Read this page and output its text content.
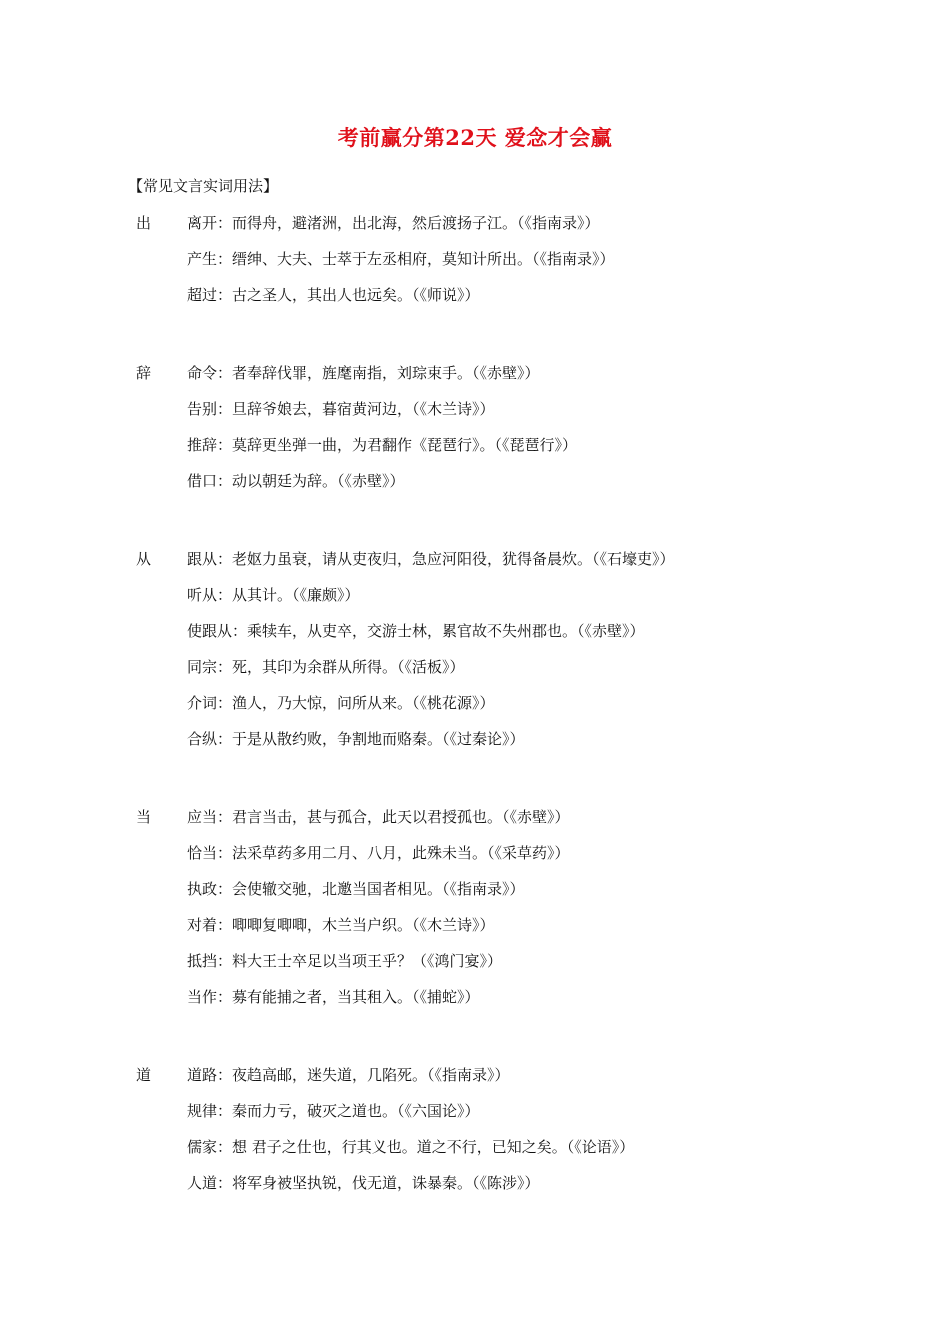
考前赢分第22天 爱念才会赢
【常见文言实词用法】
出	离开：而得舟，避渚洲，出北海，然后渡扬子江。（《指南录》）
产生：缙绅、大夫、士萃于左丞相府，莫知计所出。（《指南录》）
超过：古之圣人，其出人也远矣。（《师说》）
辞	命令：者奉辞伐罪，旌麾南指，刘琮束手。（《赤壁》）
告别：旦辞爷娘去，暮宿黄河边，（《木兰诗》）
推辞：莫辞更坐弹一曲，为君翻作《琵琶行》。（《琵琶行》）
借口：动以朝廷为辞。（《赤壁》）
从	跟从：老妪力虽衰，请从吏夜归，急应河阳役，犹得备晨炊。（《石壕吏》）
听从：从其计。（《廉颇》）
使跟从：乘犊车，从吏卒，交游士林，累官故不失州郡也。（《赤壁》）
同宗：死，其印为余群从所得。（《活板》）
介词：渔人，乃大惊，问所从来。（《桃花源》）
合纵：于是从散约败，争割地而赂秦。（《过秦论》）
当	应当：君言当击，甚与孤合，此天以君授孤也。（《赤壁》）
恰当：法采草药多用二月、八月，此殊未当。（《采草药》）
执政：会使辙交驰，北邀当国者相见。（《指南录》）
对着：唧唧复唧唧，木兰当户织。（《木兰诗》）
抵挡：料大王士卒足以当项王乎？（《鸿门宴》）
当作：募有能捕之者，当其租入。（《捕蛇》）
道	道路：夜趋高邮，迷失道，几陷死。（《指南录》）
规律：秦而力亏，破灭之道也。（《六国论》）
儒家：想 君子之仕也，行其义也。道之不行，已知之矣。（《论语》）
人道：将军身被坚执锐，伐无道，诛暴秦。（《陈涉》）
